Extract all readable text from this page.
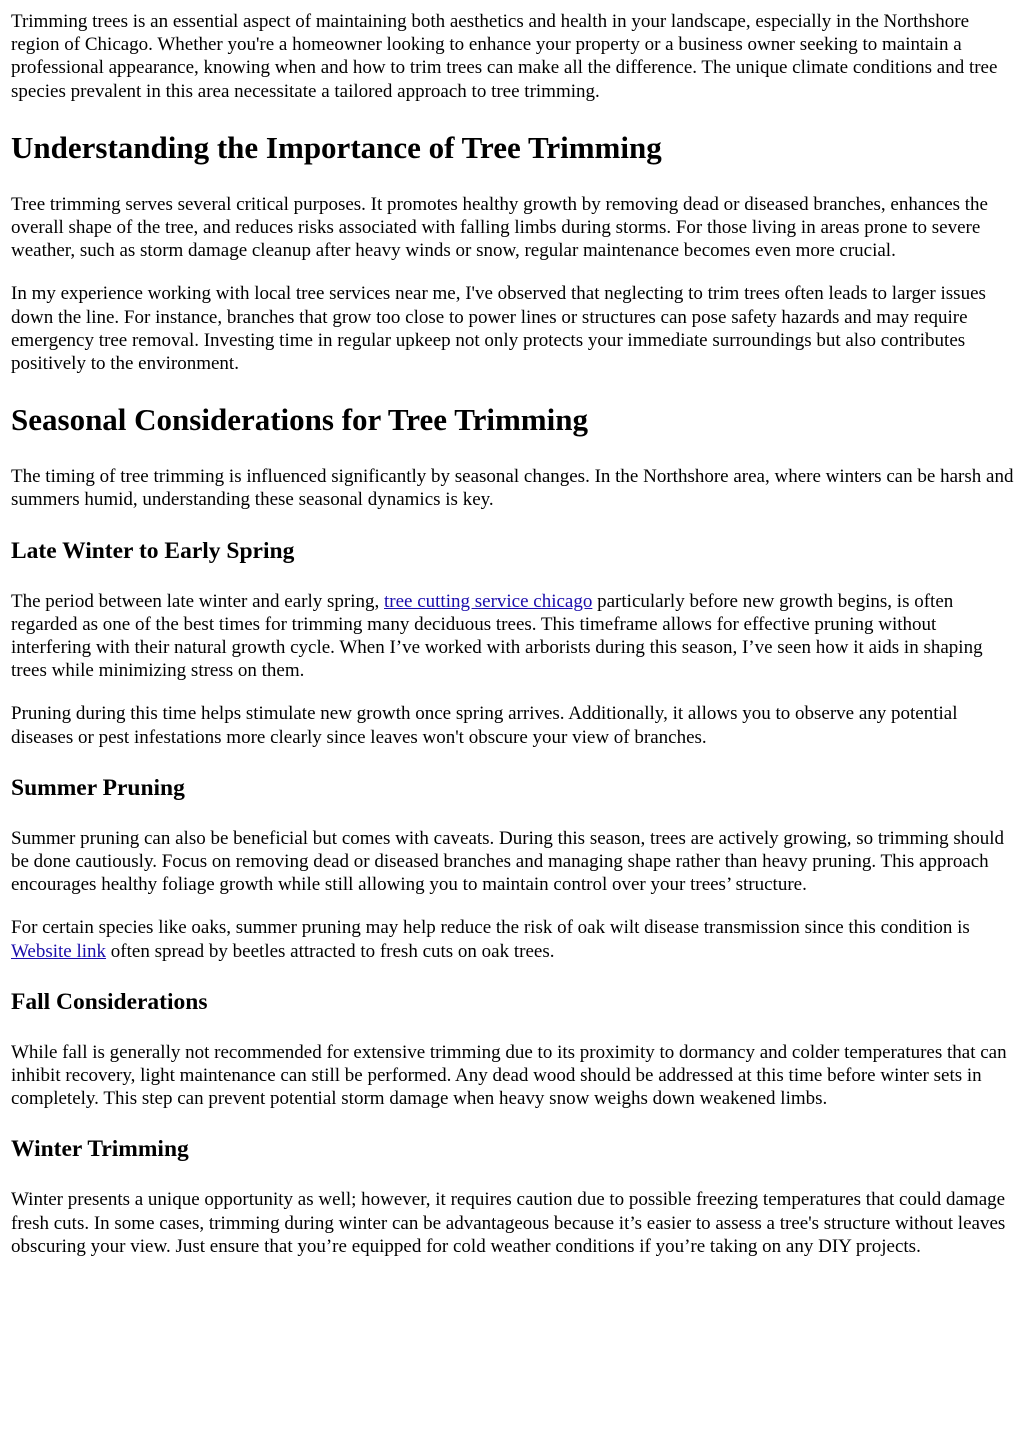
Trimming trees is an essential aspect of maintaining both aesthetics and health in your landscape, especially in the Northshore region of Chicago. Whether you're a homeowner looking to enhance your property or a business owner seeking to maintain a professional appearance, knowing when and how to trim trees can make all the difference. The unique climate conditions and tree species prevalent in this area necessitate a tailored approach to tree trimming.

Understanding the Importance of Tree Trimming

Tree trimming serves several critical purposes. It promotes healthy growth by removing dead or diseased branches, enhances the overall shape of the tree, and reduces risks associated with falling limbs during storms. For those living in areas prone to severe weather, such as storm damage cleanup after heavy winds or snow, regular maintenance becomes even more crucial.

In my experience working with local tree services near me, I've observed that neglecting to trim trees often leads to larger issues down the line. For instance, branches that grow too close to power lines or structures can pose safety hazards and may require emergency tree removal. Investing time in regular upkeep not only protects your immediate surroundings but also contributes positively to the environment.

Seasonal Considerations for Tree Trimming

The timing of tree trimming is influenced significantly by seasonal changes. In the Northshore area, where winters can be harsh and summers humid, understanding these seasonal dynamics is key.

Late Winter to Early Spring

The period between late winter and early spring, tree cutting service chicago particularly before new growth begins, is often regarded as one of the best times for trimming many deciduous trees. This timeframe allows for effective pruning without interfering with their natural growth cycle. When I’ve worked with arborists during this season, I’ve seen how it aids in shaping trees while minimizing stress on them.

Pruning during this time helps stimulate new growth once spring arrives. Additionally, it allows you to observe any potential diseases or pest infestations more clearly since leaves won't obscure your view of branches.

Summer Pruning

Summer pruning can also be beneficial but comes with caveats. During this season, trees are actively growing, so trimming should be done cautiously. Focus on removing dead or diseased branches and managing shape rather than heavy pruning. This approach encourages healthy foliage growth while still allowing you to maintain control over your trees’ structure.

For certain species like oaks, summer pruning may help reduce the risk of oak wilt disease transmission since this condition is Website link often spread by beetles attracted to fresh cuts on oak trees.

Fall Considerations

While fall is generally not recommended for extensive trimming due to its proximity to dormancy and colder temperatures that can inhibit recovery, light maintenance can still be performed. Any dead wood should be addressed at this time before winter sets in completely. This step can prevent potential storm damage when heavy snow weighs down weakened limbs.

Winter Trimming

Winter presents a unique opportunity as well; however, it requires caution due to possible freezing temperatures that could damage fresh cuts. In some cases, trimming during winter can be advantageous because it’s easier to assess a tree's structure without leaves obscuring your view. Just ensure that you’re equipped for cold weather conditions if you’re taking on any DIY projects.
